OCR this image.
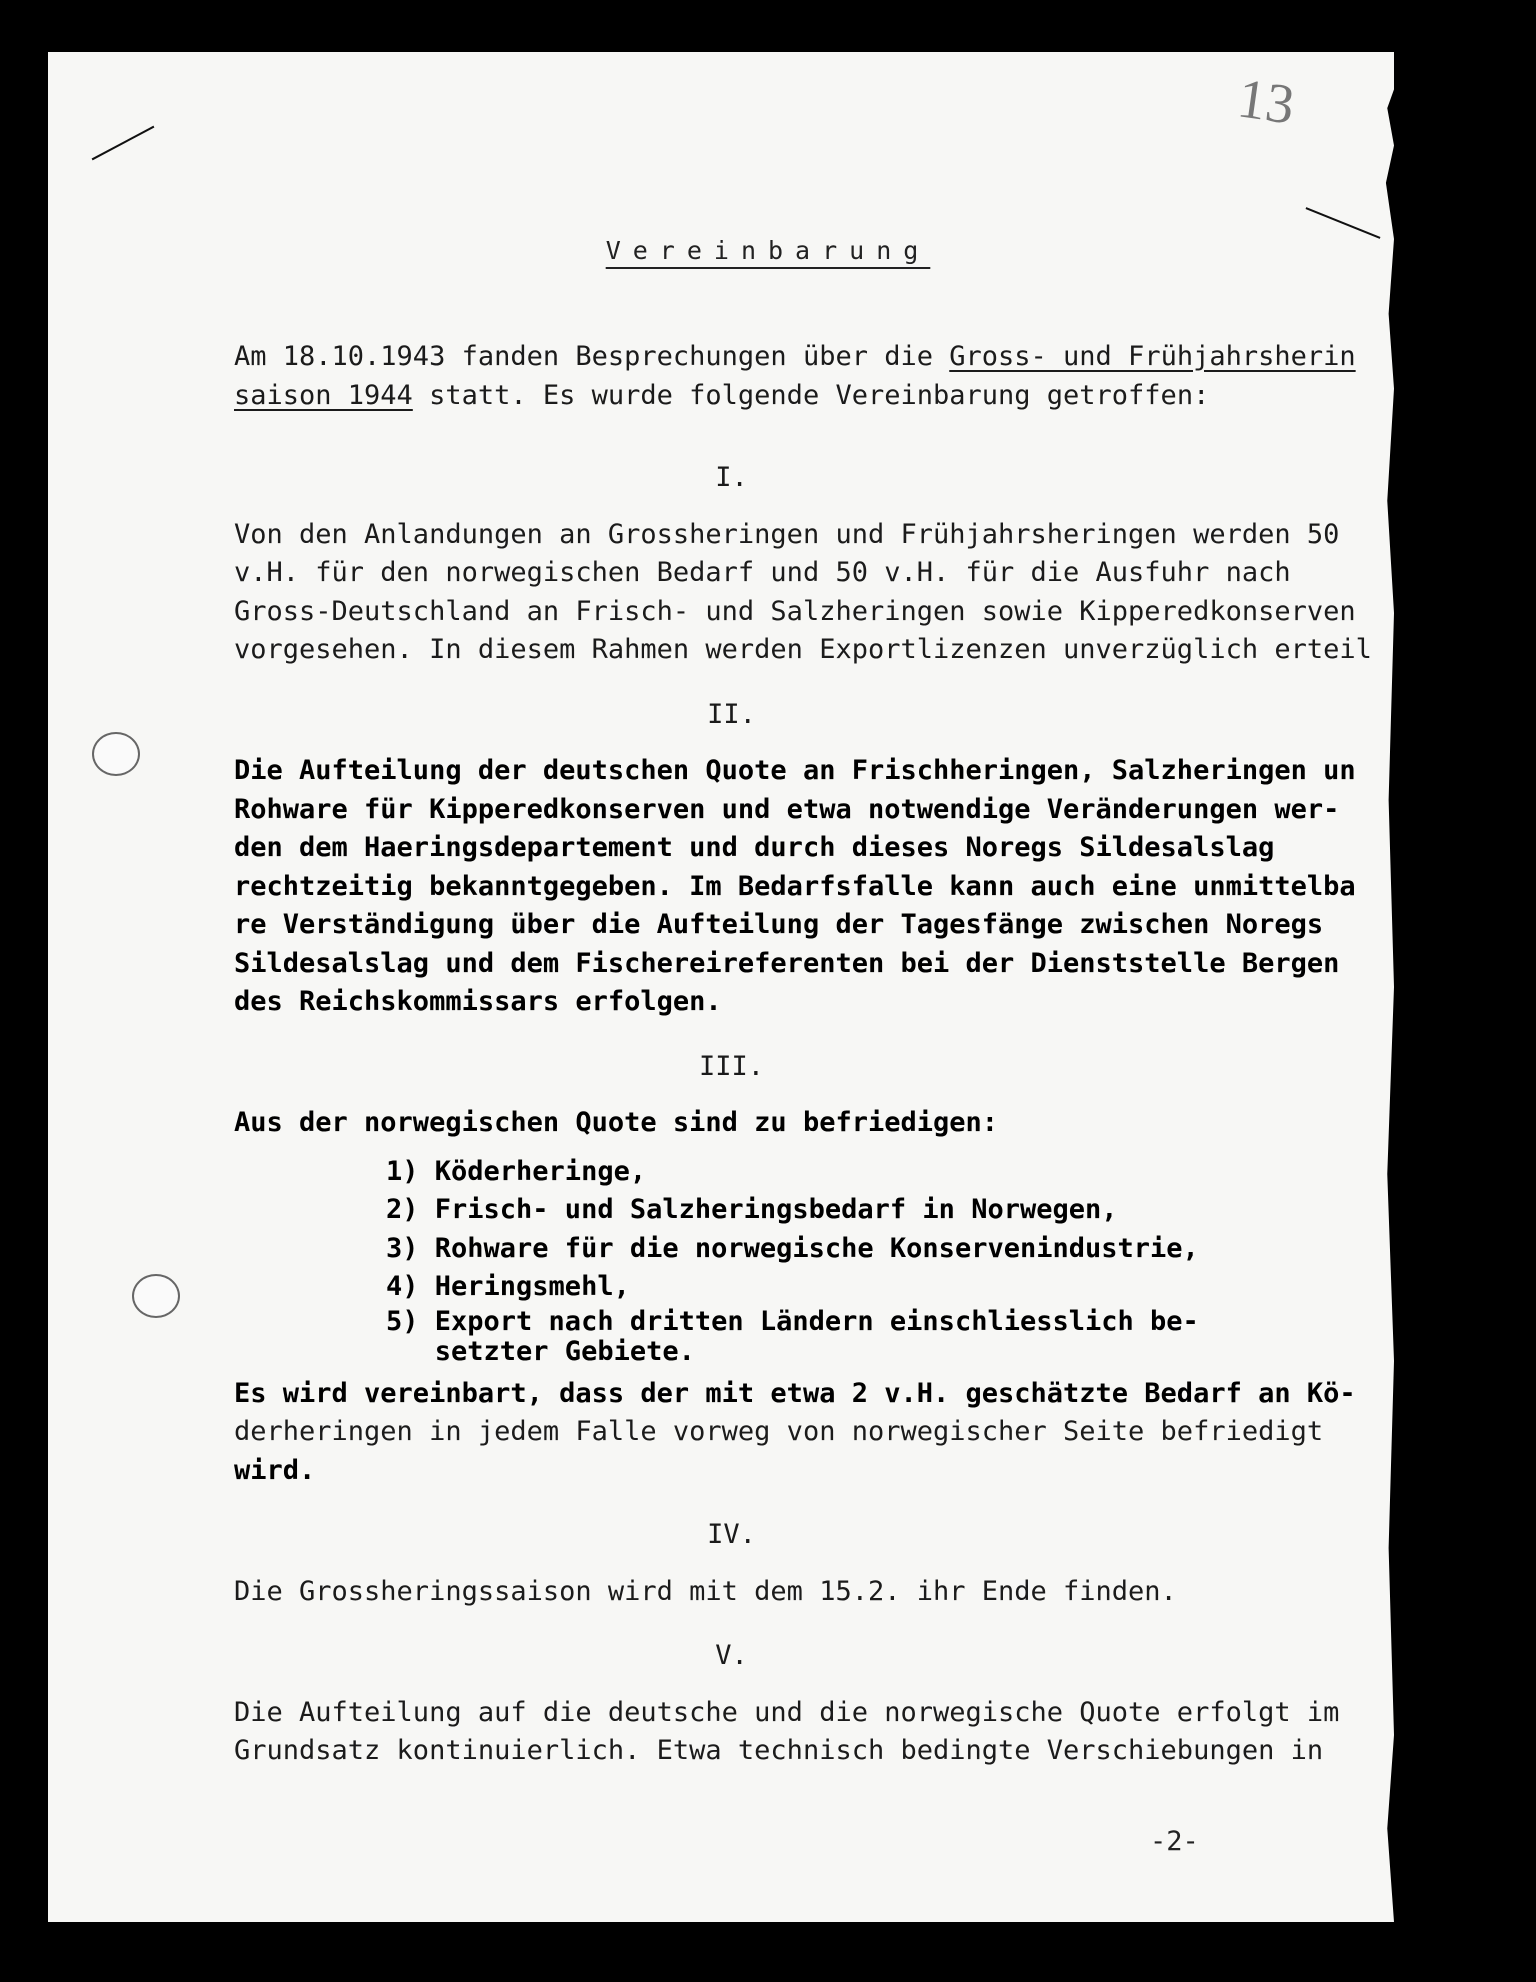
13
Vereinbarung
Am 18.10.1943 fanden Besprechungen über die Gross- und Frühjahrsherin
saison 1944 statt. Es wurde folgende Vereinbarung getroffen:
I.
Von den Anlandungen an Grossheringen und Frühjahrsheringen werden 50
v.H. für den norwegischen Bedarf und 50 v.H. für die Ausfuhr nach
Gross-Deutschland an Frisch- und Salzheringen sowie Kipperedkonserven
vorgesehen. In diesem Rahmen werden Exportlizenzen unverzüglich erteil
II.
Die Aufteilung der deutschen Quote an Frischheringen, Salzheringen un
Rohware für Kipperedkonserven und etwa notwendige Veränderungen wer-
den dem Haeringsdepartement und durch dieses Noregs Sildesalslag
rechtzeitig bekanntgegeben. Im Bedarfsfalle kann auch eine unmittelba
re Verständigung über die Aufteilung der Tagesfänge zwischen Noregs
Sildesalslag und dem Fischereireferenten bei der Dienststelle Bergen
des Reichskommissars erfolgen.
III.
Aus der norwegischen Quote sind zu befriedigen:
1) Köderheringe,
2) Frisch- und Salzheringsbedarf in Norwegen,
3) Rohware für die norwegische Konservenindustrie,
4) Heringsmehl,
5) Export nach dritten Ländern einschliesslich be-
setzter Gebiete.
Es wird vereinbart, dass der mit etwa 2 v.H. geschätzte Bedarf an Kö-
derheringen in jedem Falle vorweg von norwegischer Seite befriedigt
wird.
IV.
Die Grossheringssaison wird mit dem 15.2. ihr Ende finden.
V.
Die Aufteilung auf die deutsche und die norwegische Quote erfolgt im
Grundsatz kontinuierlich. Etwa technisch bedingte Verschiebungen in
-2-
